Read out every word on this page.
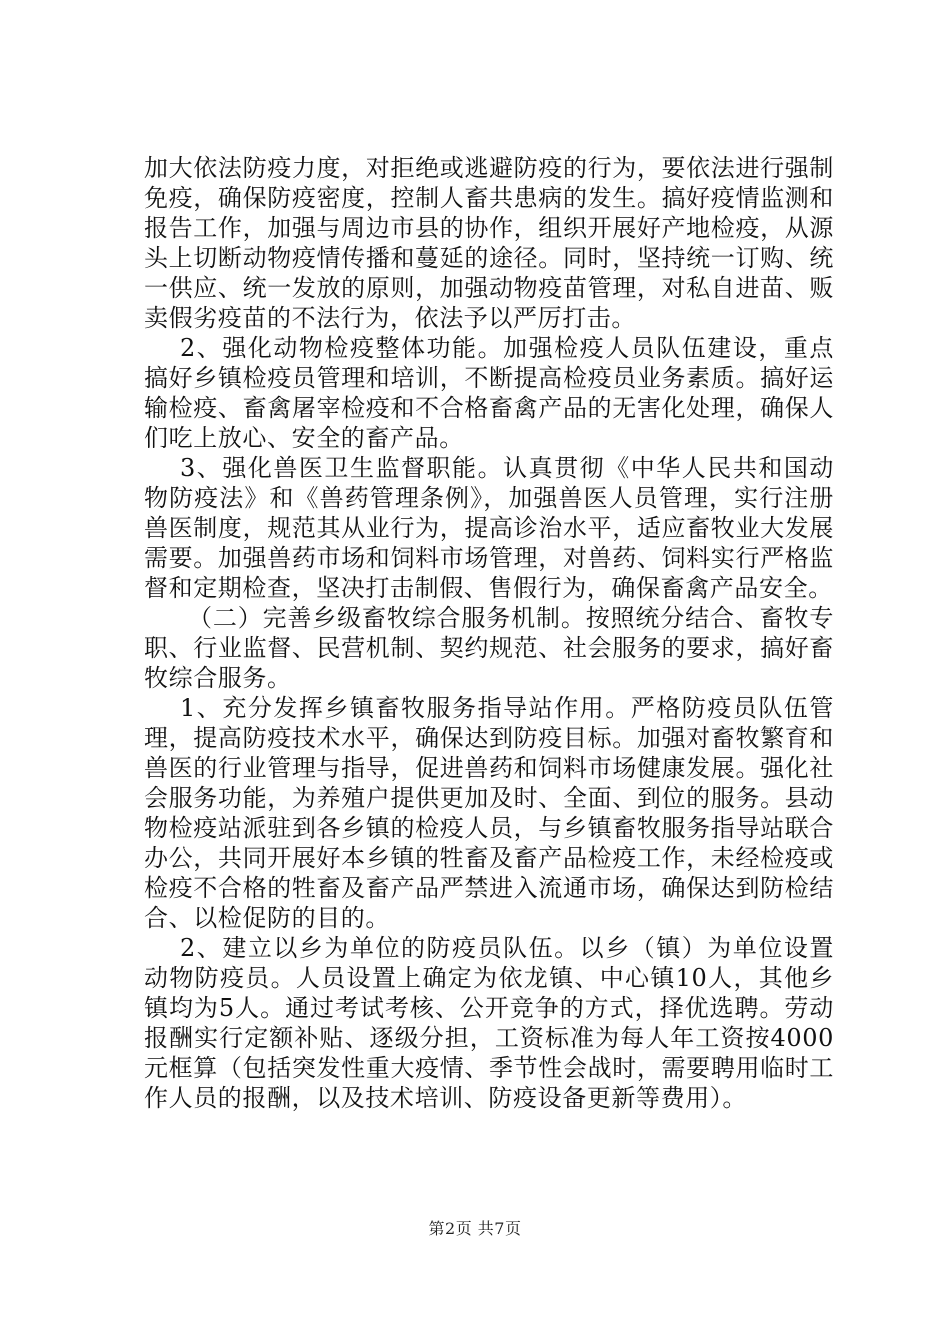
加大依法防疫力度，对拒绝或逃避防疫的行为，要依法进行强制免疫，确保防疫密度，控制人畜共患病的发生。搞好疫情监测和报告工作，加强与周边市县的协作，组织开展好产地检疫，从源头上切断动物疫情传播和蔓延的途径。同时，坚持统一订购、统一供应、统一发放的原则，加强动物疫苗管理，对私自进苗、贩卖假劣疫苗的不法行为，依法予以严厉打击。

2、强化动物检疫整体功能。加强检疫人员队伍建设，重点搞好乡镇检疫员管理和培训，不断提高检疫员业务素质。搞好运输检疫、畜禽屠宰检疫和不合格畜禽产品的无害化处理，确保人们吃上放心、安全的畜产品。

3、强化兽医卫生监督职能。认真贯彻《中华人民共和国动物防疫法》和《兽药管理条例》，加强兽医人员管理，实行注册兽医制度，规范其从业行为，提高诊治水平，适应畜牧业大发展需要。加强兽药市场和饲料市场管理，对兽药、饲料实行严格监督和定期检查，坚决打击制假、售假行为，确保畜禽产品安全。

（二）完善乡级畜牧综合服务机制。按照统分结合、畜牧专职、行业监督、民营机制、契约规范、社会服务的要求，搞好畜牧综合服务。

1、充分发挥乡镇畜牧服务指导站作用。严格防疫员队伍管理，提高防疫技术水平，确保达到防疫目标。加强对畜牧繁育和兽医的行业管理与指导，促进兽药和饲料市场健康发展。强化社会服务功能，为养殖户提供更加及时、全面、到位的服务。县动物检疫站派驻到各乡镇的检疫人员，与乡镇畜牧服务指导站联合办公，共同开展好本乡镇的牲畜及畜产品检疫工作，未经检疫或检疫不合格的牲畜及畜产品严禁进入流通市场，确保达到防检结合、以检促防的目的。

2、建立以乡为单位的防疫员队伍。以乡（镇）为单位设置动物防疫员。人员设置上确定为依龙镇、中心镇10人，其他乡镇均为5人。通过考试考核、公开竞争的方式，择优选聘。劳动报酬实行定额补贴、逐级分担，工资标准为每人年工资按4000元框算（包括突发性重大疫情、季节性会战时，需要聘用临时工作人员的报酬，以及技术培训、防疫设备更新等费用）。

第2页 共7页
